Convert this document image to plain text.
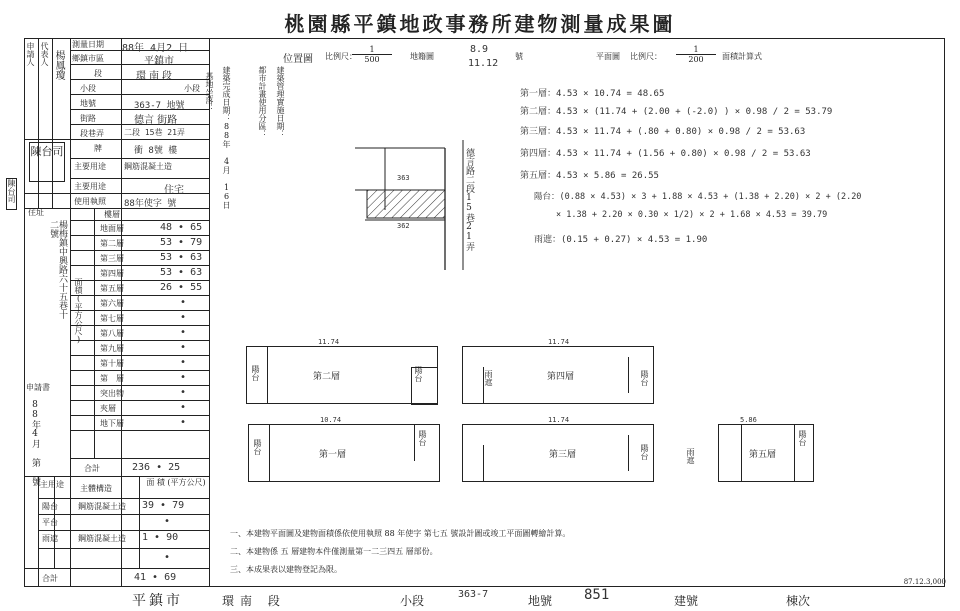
桃園縣平鎮地政事務所建物測量成果圖
87.12.3,000
申請人 代表人 楊鳳瓊
陳台司
陳台司
測量日期 88年 4月2 日
鄉鎮市區	平鎮市
段	環南段
小段	小段
地號	363-7 地號
街路	德言 街路
段巷弄	二段 15巷 21弄
牌	衝 8號 樓
主要用途 鋼筋混凝土造
主要用途	住宅
使用執照 88年使字 號
住址
楊梅鎮中興路六十五巷十二號
樓層
地面層	48 • 65
第二層	53 • 79
第三層	53 • 63
第四層	53 • 63
第五層	26 • 55
第六層	•
第七層	•
第八層	•
第九層	•
第十層	•
第　層	•
突出物	•
夾層	•
地下層	•
面積(平方公尺)
申請書
88年4月 第 號	合計	236 • 25
主用途 主體構造
面 積 (平方公尺)
陽台	鋼筋混凝土造 39 • 79
平台	•
雨遮	鋼筋混凝土造 1 • 90
•
合計	41 • 69
基地坐落： 建築完成日期：88年 4月 16日	都市計畫使用分區： 建築管理實施日期：
位置圖 比例尺：
1
500	地籍圖
8.9
11.12
號	平面圖 比例尺：
1
200	面積計算式
363
362	德言路二段15巷21弄
第一層：4.53 × 10.74 = 48.65
第二層：4.53 × (11.74 + (2.00 + (-2.0) ) × 0.98 / 2 = 53.79
第三層：4.53 × 11.74 + (.80 + 0.80) × 0.98 / 2 = 53.63
第四層：4.53 × 11.74 + (1.56 + 0.80) × 0.98 / 2 = 53.63
第五層：4.53 × 5.86 = 26.55
陽台：(0.88 × 4.53) × 3 + 1.88 × 4.53 + (1.38 + 2.20) × 2 + (2.20
× 1.38 + 2.20 × 0.30 × 1/2) × 2 + 1.68 × 4.53 = 39.79
雨遮：(0.15 + 0.27) × 4.53 = 1.90
陽台	第二層
11.74
陽台	第四層
11.74
陽台
雨遮
陽台	第一層
10.74
陽台
第三層
11.74
陽台	第五層
5.86
陽台
雨遮
一、本建物平面圖及建物面積係依使用執照 88 年使字 第七五 號設計圖或竣工平面圖轉繪計算。
二、本建物係 五 層建物本件僅測量第一二三四五 層部份。
三、本成果表以建物登記為限。
平鎮市	環南 段	小段	363-7	地號 851	建號	棟次
